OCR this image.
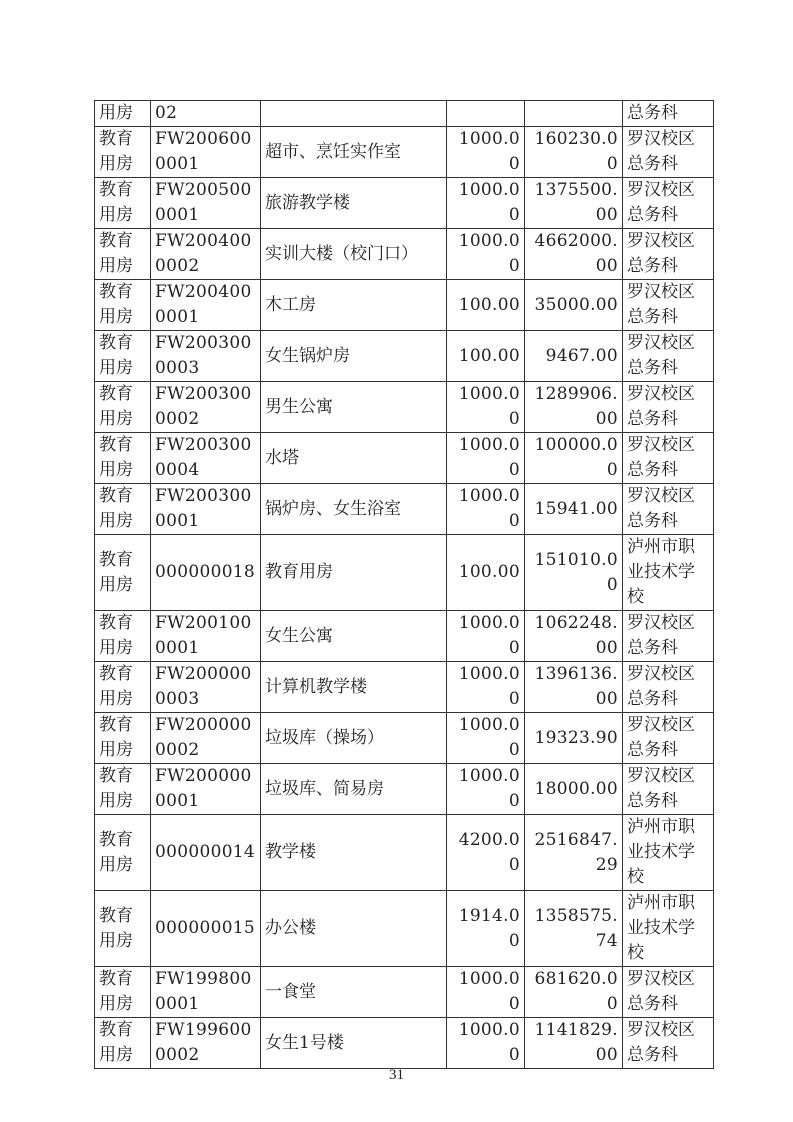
用房	02				总务科

教育用房	FW2006000001	超市、烹饪实作室	1000.00	160230.00	罗汉校区总务科

教育用房	FW2005000001	旅游教学楼	1000.00	1375500.00	罗汉校区总务科

教育用房	FW2004000002	实训大楼（校门口）	1000.00	4662000.00	罗汉校区总务科

教育用房	FW2004000001	木工房	100.00	35000.00	罗汉校区总务科

教育用房	FW2003000003	女生锅炉房	100.00	9467.00	罗汉校区总务科

教育用房	FW2003000002	男生公寓	1000.00	1289906.00	罗汉校区总务科

教育用房	FW2003000004	水塔	1000.00	100000.00	罗汉校区总务科

教育用房	FW2003000001	锅炉房、女生浴室	1000.00	15941.00	罗汉校区总务科

教育用房	000000018	教育用房	100.00	151010.00	泸州市职业技术学校

教育用房	FW2001000001	女生公寓	1000.00	1062248.00	罗汉校区总务科

教育用房	FW2000000003	计算机教学楼	1000.00	1396136.00	罗汉校区总务科

教育用房	FW2000000002	垃圾库（操场）	1000.00	19323.90	罗汉校区总务科

教育用房	FW2000000001	垃圾库、简易房	1000.00	18000.00	罗汉校区总务科

教育用房	000000014	教学楼	4200.00	2516847.29	泸州市职业技术学校

教育用房	000000015	办公楼	1914.00	1358575.74	泸州市职业技术学校

教育用房	FW1998000001	一食堂	1000.00	681620.00	罗汉校区总务科

教育用房	FW1996000002	女生1号楼	1000.00	1141829.00	罗汉校区总务科
31
